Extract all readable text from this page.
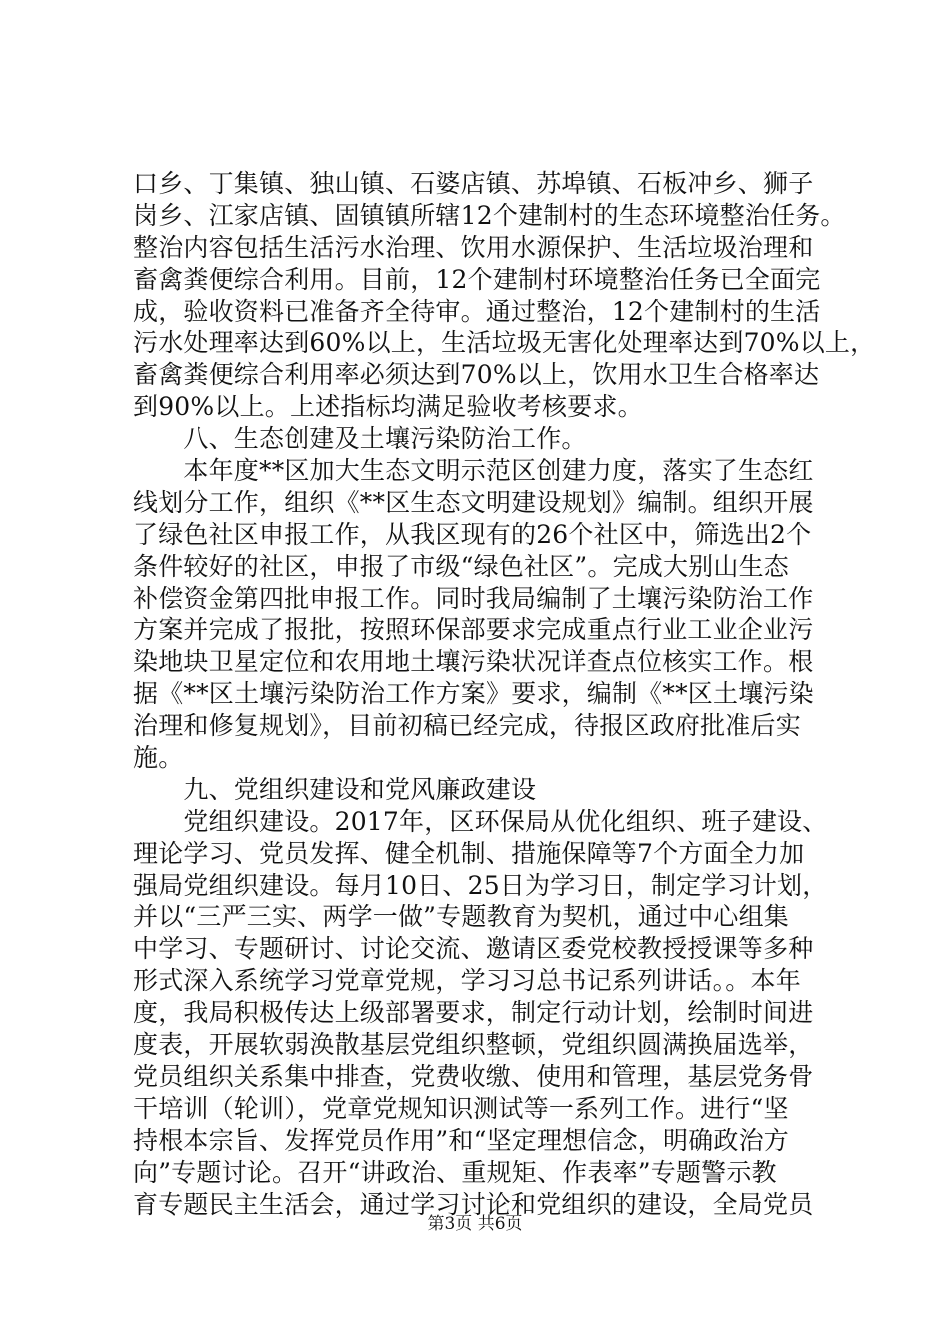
口乡、丁集镇、独山镇、石婆店镇、苏埠镇、石板冲乡、狮子
岗乡、江家店镇、固镇镇所辖12个建制村的生态环境整治任务。
整治内容包括生活污水治理、饮用水源保护、生活垃圾治理和
畜禽粪便综合利用。目前，12个建制村环境整治任务已全面完
成，验收资料已准备齐全待审。通过整治，12个建制村的生活
污水处理率达到60%以上，生活垃圾无害化处理率达到70%以上，
畜禽粪便综合利用率必须达到70%以上，饮用水卫生合格率达
到90%以上。上述指标均满足验收考核要求。
　　八、生态创建及土壤污染防治工作。
　　本年度**区加大生态文明示范区创建力度，落实了生态红
线划分工作，组织《**区生态文明建设规划》编制。组织开展
了绿色社区申报工作，从我区现有的26个社区中，筛选出2个
条件较好的社区，申报了市级“绿色社区”。完成大别山生态
补偿资金第四批申报工作。同时我局编制了土壤污染防治工作
方案并完成了报批，按照环保部要求完成重点行业工业企业污
染地块卫星定位和农用地土壤污染状况详查点位核实工作。根
据《**区土壤污染防治工作方案》要求，编制《**区土壤污染
治理和修复规划》，目前初稿已经完成，待报区政府批准后实
施。
　　九、党组织建设和党风廉政建设
　　党组织建设。2017年，区环保局从优化组织、班子建设、
理论学习、党员发挥、健全机制、措施保障等7个方面全力加
强局党组织建设。每月10日、25日为学习日，制定学习计划，
并以“三严三实、两学一做”专题教育为契机，通过中心组集
中学习、专题研讨、讨论交流、邀请区委党校教授授课等多种
形式深入系统学习党章党规，学习习总书记系列讲话。。本年
度，我局积极传达上级部署要求，制定行动计划，绘制时间进
度表，开展软弱涣散基层党组织整顿，党组织圆满换届选举，
党员组织关系集中排查，党费收缴、使用和管理，基层党务骨
干培训（轮训），党章党规知识测试等一系列工作。进行“坚
持根本宗旨、发挥党员作用”和“坚定理想信念，明确政治方
向”专题讨论。召开“讲政治、重规矩、作表率”专题警示教
育专题民主生活会，通过学习讨论和党组织的建设，全局党员
第3页 共6页
